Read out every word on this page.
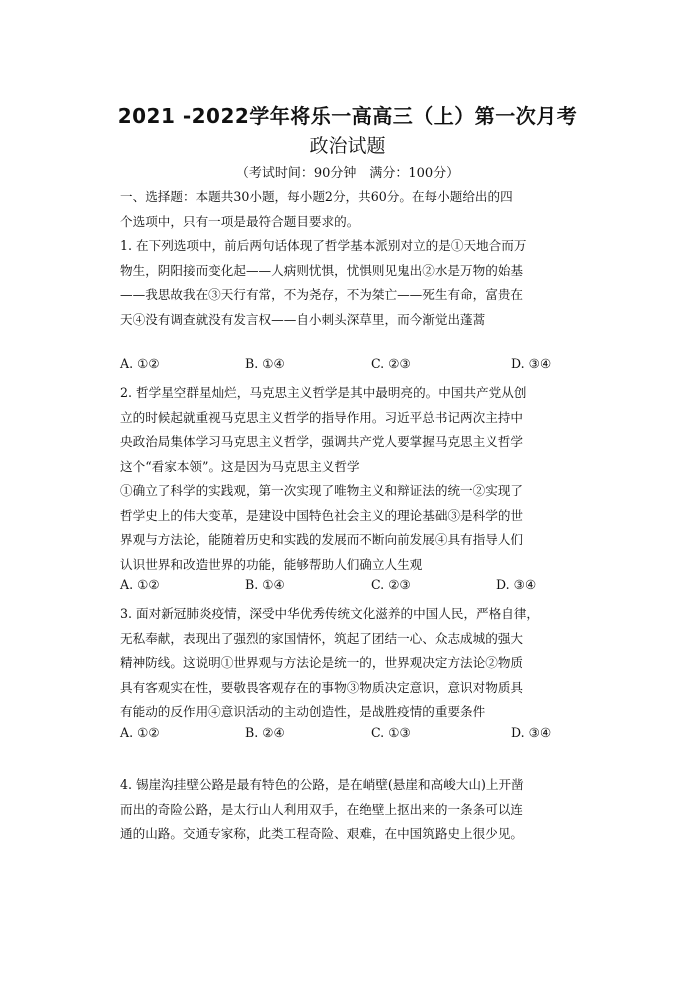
2021 -2022学年将乐一高高三（上）第一次月考
政治试题
（考试时间：90分钟　满分：100分）
一、选择题：本题共30小题，每小题2分，共60分。在每小题给出的四
个选项中，只有一项是最符合题目要求的。
1. 在下列选项中，前后两句话体现了哲学基本派别对立的是①天地合而万
物生，阴阳接而变化起——人病则忧惧，忧惧则见鬼出②水是万物的始基
——我思故我在③天行有常，不为尧存，不为桀亡——死生有命，富贵在
天④没有调查就没有发言权——自小刺头深草里，而今渐觉出蓬蒿
A. ①②	B. ①④	C. ②③	D. ③④
2. 哲学星空群星灿烂，马克思主义哲学是其中最明亮的。中国共产党从创
立的时候起就重视马克思主义哲学的指导作用。习近平总书记两次主持中
央政治局集体学习马克思主义哲学，强调共产党人要掌握马克思主义哲学
这个“看家本领”。这是因为马克思主义哲学
①确立了科学的实践观，第一次实现了唯物主义和辩证法的统一②实现了
哲学史上的伟大变革，是建设中国特色社会主义的理论基础③是科学的世
界观与方法论，能随着历史和实践的发展而不断向前发展④具有指导人们
认识世界和改造世界的功能，能够帮助人们确立人生观
A. ①②	B. ①④	C. ②③	D. ③④
3. 面对新冠肺炎疫情，深受中华优秀传统文化滋养的中国人民，严格自律，
无私奉献，表现出了强烈的家国情怀，筑起了团结一心、众志成城的强大
精神防线。这说明①世界观与方法论是统一的，世界观决定方法论②物质
具有客观实在性，要敬畏客观存在的事物③物质决定意识，意识对物质具
有能动的反作用④意识活动的主动创造性，是战胜疫情的重要条件
A. ①②	B. ②④	C. ①③	D. ③④
4. 锡崖沟挂壁公路是最有特色的公路，是在峭壁(悬崖和高峻大山)上开凿
而出的奇险公路，是太行山人利用双手，在绝壁上抠出来的一条条可以连
通的山路。交通专家称，此类工程奇险、艰难，在中国筑路史上很少见。
